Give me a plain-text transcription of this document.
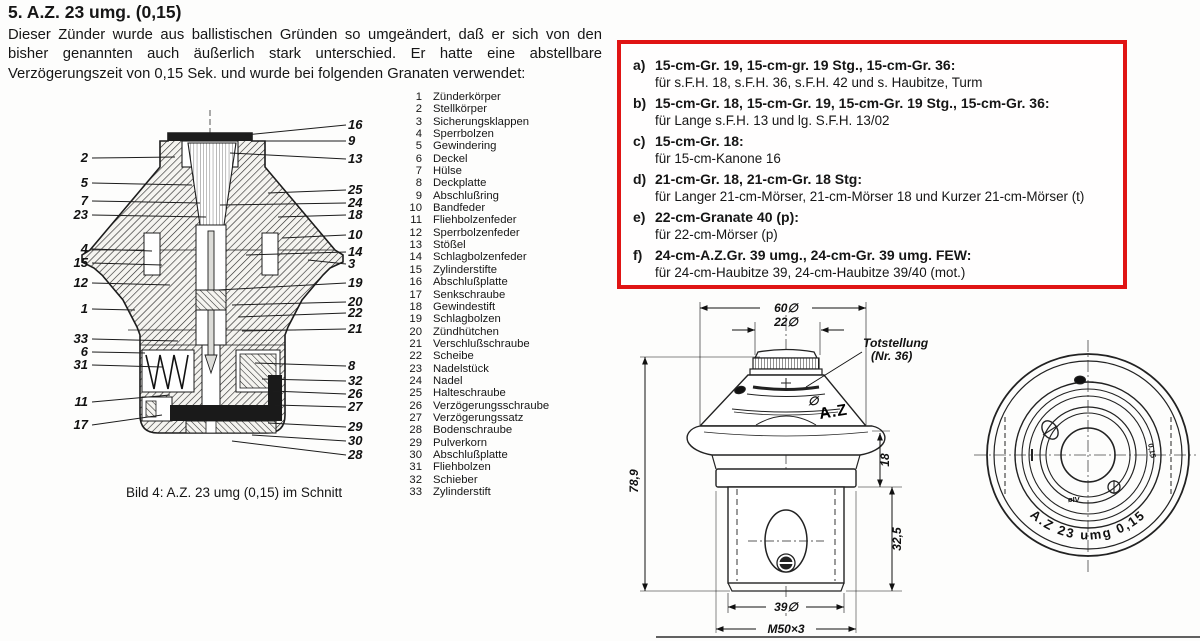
5. A.Z. 23 umg. (0,15)

Dieser Zünder wurde aus ballistischen Gründen so umgeändert, daß er sich von den bisher genannten auch äußerlich stark unterschied. Er hatte eine abstellbare Verzögerungszeit von 0,15 Sek. und wurde bei folgenden Granaten verwendet:

1 Zünderkörper
2 Stellkörper
3 Sicherungsklappen
4 Sperrbolzen
5 Gewindering
6 Deckel
7 Hülse
8 Deckplatte
9 Abschlußring
10 Bandfeder
11 Fliehbolzenfeder
12 Sperrbolzenfeder
13 Stößel
14 Schlagbolzenfeder
15 Zylinderstifte
16 Abschlußplatte
17 Senkschraube
18 Gewindestift
19 Schlagbolzen
20 Zündhütchen
21 Verschlußschraube
22 Scheibe
23 Nadelstück
24 Nadel
25 Halteschraube
26 Verzögerungsschraube
27 Verzögerungssatz
28 Bodenschraube
29 Pulverkorn
30 Abschlußplatte
31 Fliehbolzen
32 Schieber
33 Zylinderstift
a) 15-cm-Gr. 19, 15-cm-gr. 19 Stg., 15-cm-Gr. 36:
für s.F.H. 18, s.F.H. 36, s.F.H. 42 und s. Haubitze, Turm
b) 15-cm-Gr. 18, 15-cm-Gr. 19, 15-cm-Gr. 19 Stg., 15-cm-Gr. 36:
für Lange s.F.H. 13 und lg. S.F.H. 13/02
c) 15-cm-Gr. 18:
für 15-cm-Kanone 16
d) 21-cm-Gr. 18, 21-cm-Gr. 18 Stg:
für Langer 21-cm-Mörser, 21-cm-Mörser 18 und Kurzer 21-cm-Mörser (t)
e) 22-cm-Granate 40 (p):
für 22-cm-Mörser (p)
f) 24-cm-A.Z.Gr. 39 umg., 24-cm-Gr. 39 umg. FEW:
für 24-cm-Haubitze 39, 24-cm-Haubitze 39/40 (mot.)
2
5
7
23
4
15
12
1
33
6
31
11
17
16
9
13
25
24
18
10
14
3
19
20
22
21
8
32
26
27
29
30
28
Bild 4: A.Z. 23 umg (0,15) im Schnitt
60∅
22∅
78,9
18
32,5
39∅
M50×3
Totstellung
(Nr. 36)
∅
A.Z
A.Z 23 umg 0,15
0,15
øIV
